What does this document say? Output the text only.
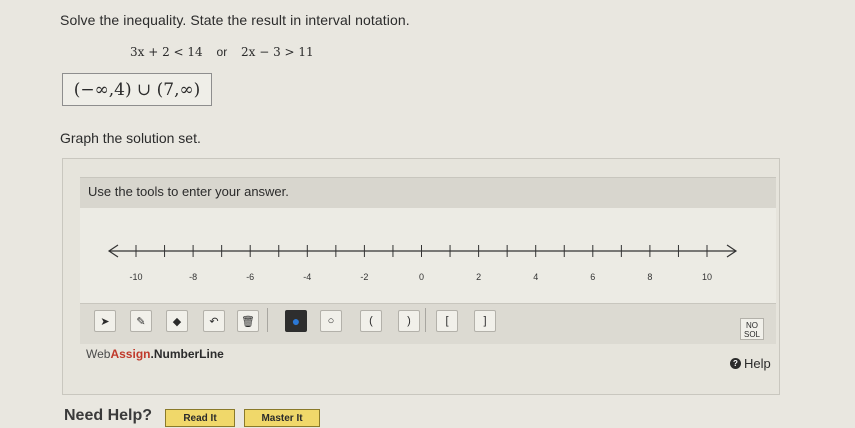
Solve the inequality. State the result in interval notation.
3x + 2 < 14 or 2x − 3 > 11
(−∞,4) ∪ (7,∞)
Graph the solution set.
Use the tools to enter your answer.
-10	-8	-6	-4	-2	0	2	4	6	8	10
➤ ✎ ◆	↶ 🗑	● ○	(	)	[	]	NO SOL
WebAssign.NumberLine
? Help
Need Help?	Read It	Master It
